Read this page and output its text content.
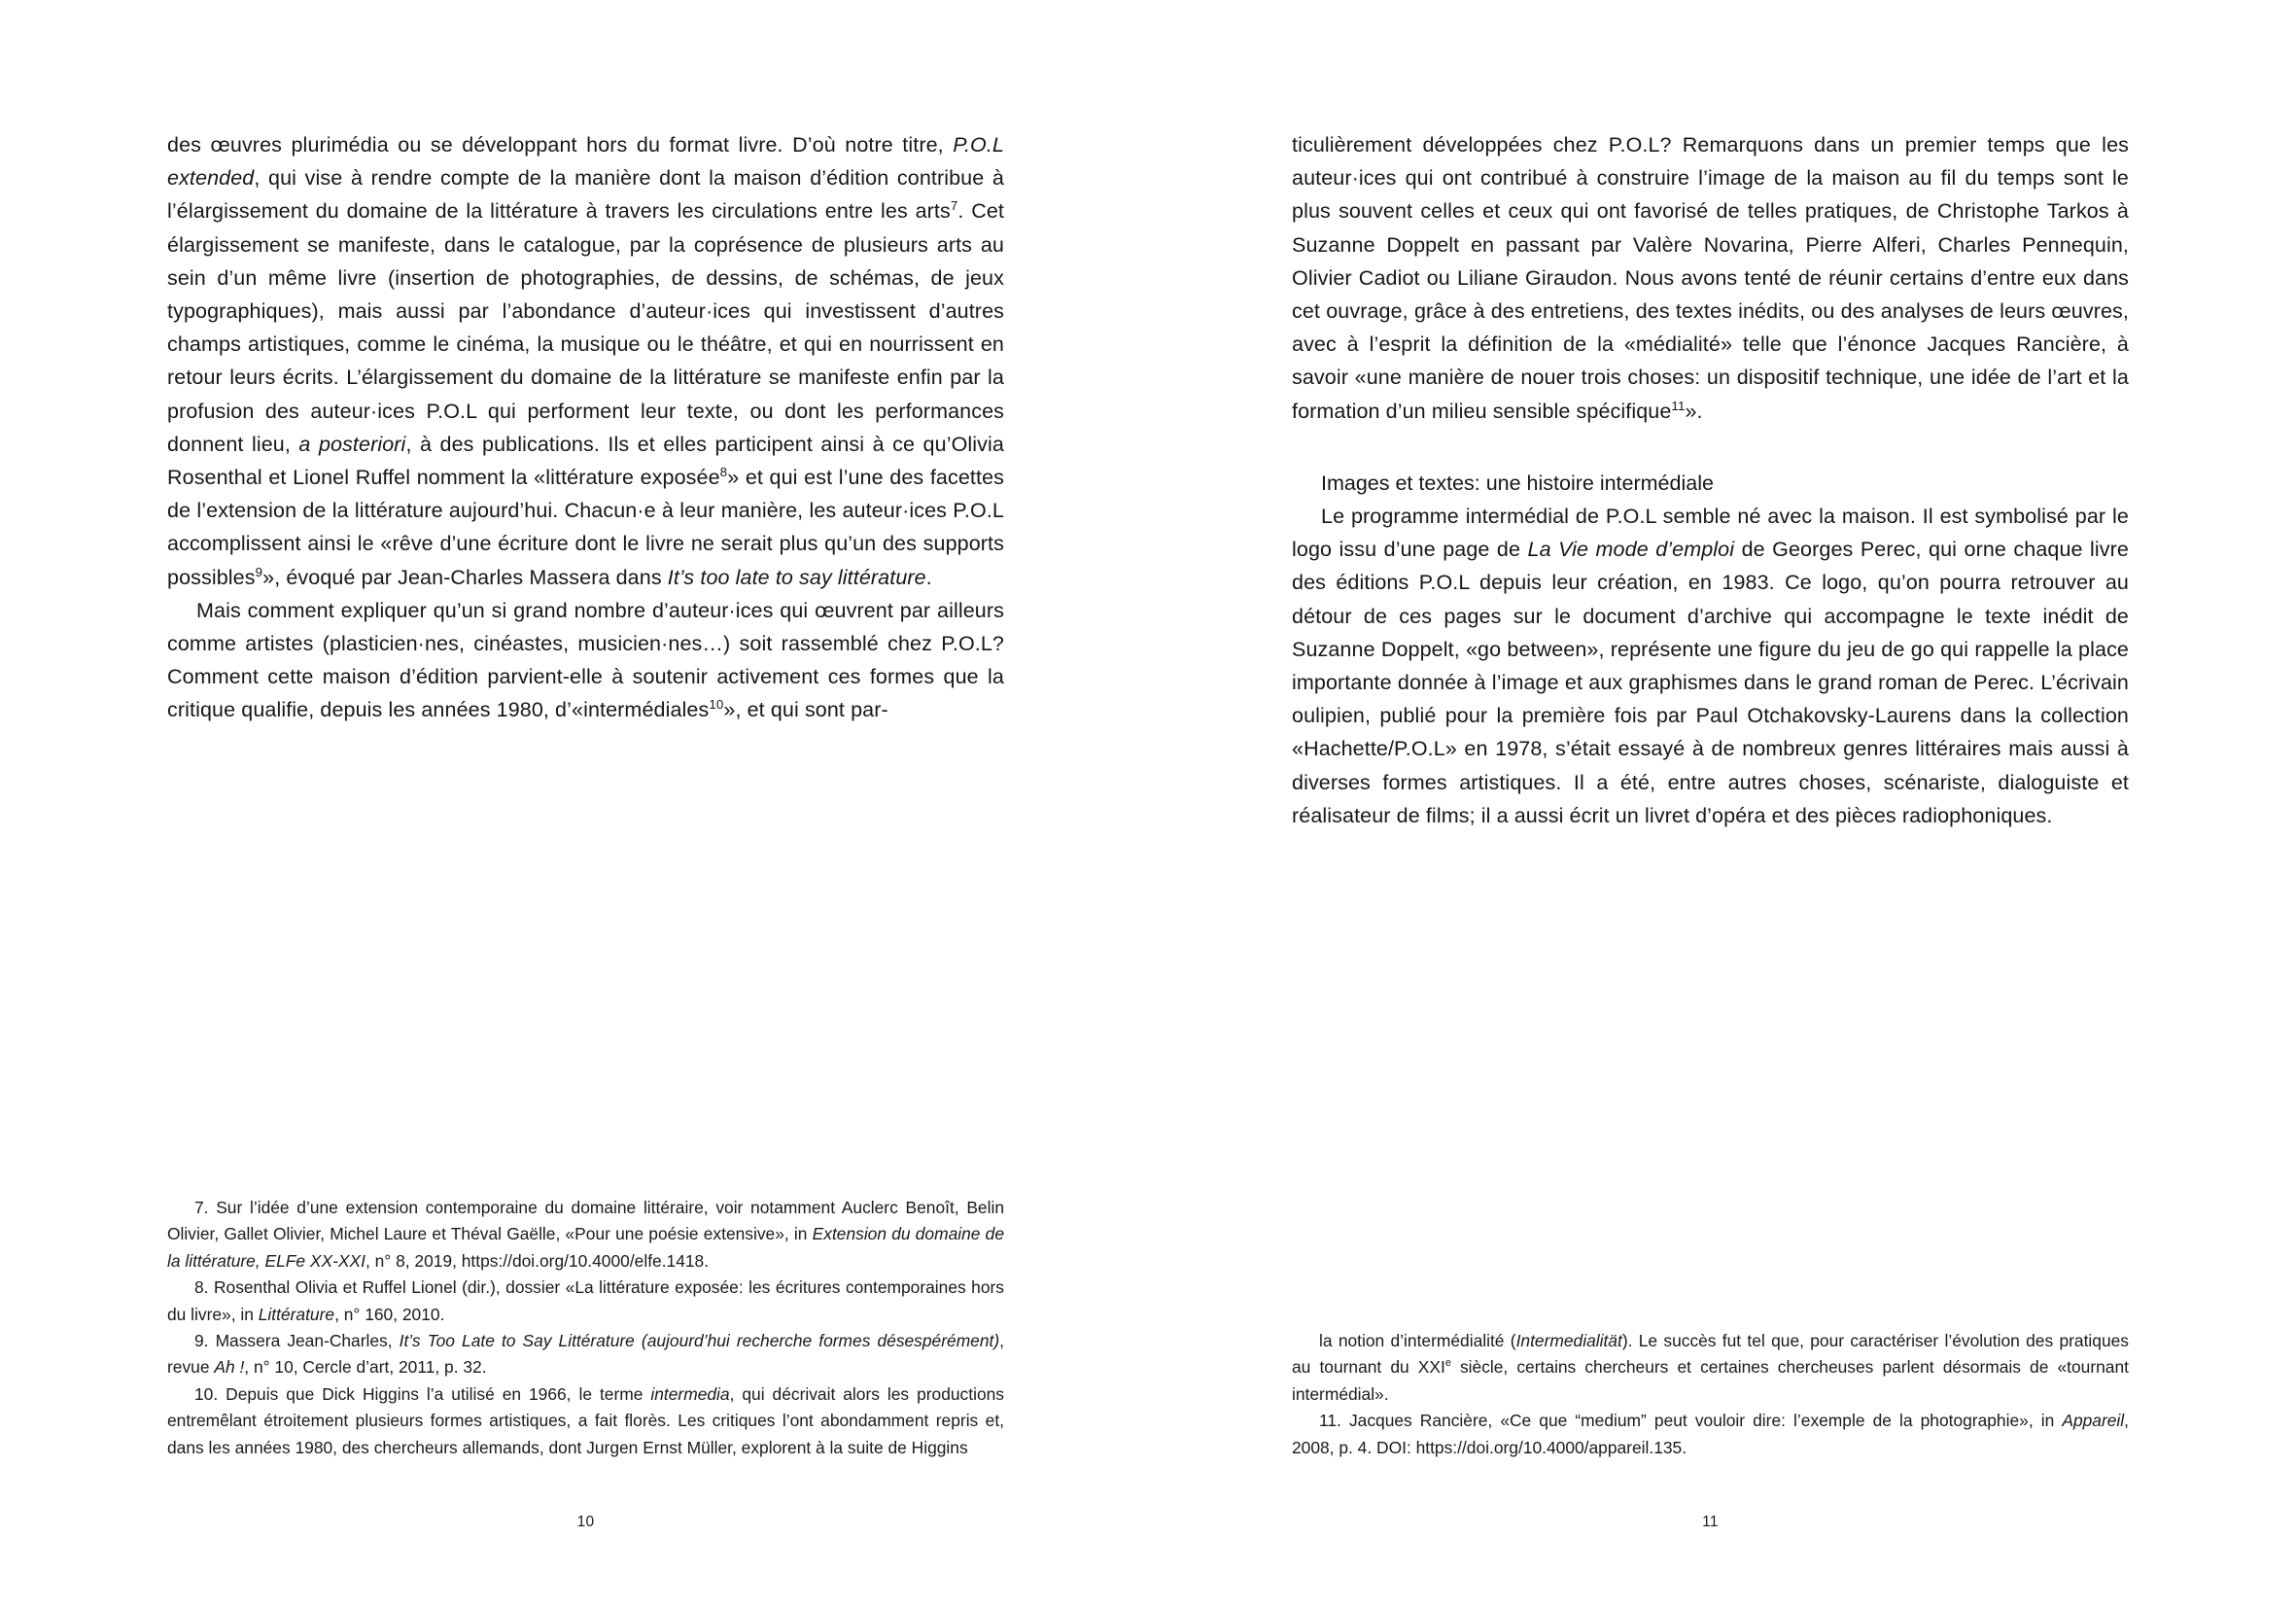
des œuvres plurimédia ou se développant hors du format livre. D’où notre titre, P.O.L extended, qui vise à rendre compte de la manière dont la maison d’édition contribue à l’élargissement du domaine de la littérature à travers les circulations entre les arts$^7$. Cet élargissement se manifeste, dans le catalogue, par la coprésence de plusieurs arts au sein d’un même livre (insertion de photographies, de dessins, de schémas, de jeux typographiques), mais aussi par l’abondance d’auteur·ices qui investissent d’autres champs artistiques, comme le cinéma, la musique ou le théâtre, et qui en nourrissent en retour leurs écrits. L’élargissement du domaine de la littérature se manifeste enfin par la profusion des auteur·ices P.O.L qui performent leur texte, ou dont les performances donnent lieu, a posteriori, à des publications. Ils et elles participent ainsi à ce qu’Olivia Rosenthal et Lionel Ruffel nomment la «littérature exposée$^8$» et qui est l’une des facettes de l’extension de la littérature aujourd’hui. Chacun·e à leur manière, les auteur·ices P.O.L accomplissent ainsi le «rêve d’une écriture dont le livre ne serait plus qu’un des supports possibles$^9$», évoqué par Jean-Charles Massera dans It’s too late to say littérature.

Mais comment expliquer qu’un si grand nombre d’auteur·ices qui œuvrent par ailleurs comme artistes (plasticien·nes, cinéastes, musicien·nes…) soit rassemblé chez P.O.L? Comment cette maison d’édition parvient-elle à soutenir activement ces formes que la critique qualifie, depuis les années 1980, d’«intermédiales$^{10}$», et qui sont par-

7. Sur l’idée d’une extension contemporaine du domaine littéraire, voir notamment Auclerc Benoît, Belin Olivier, Gallet Olivier, Michel Laure et Théval Gaëlle, «Pour une poésie extensive», in Extension du domaine de la littérature, ELFe XX-XXI, n° 8, 2019, https://doi.org/10.4000/elfe.1418.

8. Rosenthal Olivia et Ruffel Lionel (dir.), dossier «La littérature exposée: les écritures contemporaines hors du livre», in Littérature, n° 160, 2010.

9. Massera Jean-Charles, It’s Too Late to Say Littérature (aujourd’hui recherche formes désespérément), revue Ah !, n° 10, Cercle d’art, 2011, p. 32.

10. Depuis que Dick Higgins l’a utilisé en 1966, le terme intermedia, qui décrivait alors les productions entremêlant étroitement plusieurs formes artistiques, a fait florès. Les critiques l’ont abondamment repris et, dans les années 1980, des chercheurs allemands, dont Jurgen Ernst Müller, explorent à la suite de Higgins

10

ticulièrement développées chez P.O.L? Remarquons dans un premier temps que les auteur·ices qui ont contribué à construire l’image de la maison au fil du temps sont le plus souvent celles et ceux qui ont favorisé de telles pratiques, de Christophe Tarkos à Suzanne Doppelt en passant par Valère Novarina, Pierre Alferi, Charles Pennequin, Olivier Cadiot ou Liliane Giraudon. Nous avons tenté de réunir certains d’entre eux dans cet ouvrage, grâce à des entretiens, des textes inédits, ou des analyses de leurs œuvres, avec à l’esprit la définition de la «médialité» telle que l’énonce Jacques Rancière, à savoir «une manière de nouer trois choses: un dispositif technique, une idée de l’art et la formation d’un milieu sensible spécifique$^{11}$».

Images et textes: une histoire intermédiale

Le programme intermédial de P.O.L semble né avec la maison. Il est symbolisé par le logo issu d’une page de La Vie mode d’emploi de Georges Perec, qui orne chaque livre des éditions P.O.L depuis leur création, en 1983. Ce logo, qu’on pourra retrouver au détour de ces pages sur le document d’archive qui accompagne le texte inédit de Suzanne Doppelt, «go between», représente une figure du jeu de go qui rappelle la place importante donnée à l’image et aux graphismes dans le grand roman de Perec. L’écrivain oulipien, publié pour la première fois par Paul Otchakovsky-Laurens dans la collection «Hachette/P.O.L» en 1978, s’était essayé à de nombreux genres littéraires mais aussi à diverses formes artistiques. Il a été, entre autres choses, scénariste, dialoguiste et réalisateur de films; il a aussi écrit un livret d’opéra et des pièces radiophoniques.

la notion d’intermédialité (Intermedialität). Le succès fut tel que, pour caractériser l’évolution des pratiques au tournant du XXIe siècle, certains chercheurs et certaines chercheuses parlent désormais de «tournant intermédial».

11. Jacques Rancière, «Ce que “medium” peut vouloir dire: l’exemple de la photographie», in Appareil, 2008, p. 4. DOI: https://doi.org/10.4000/appareil.135.

11
